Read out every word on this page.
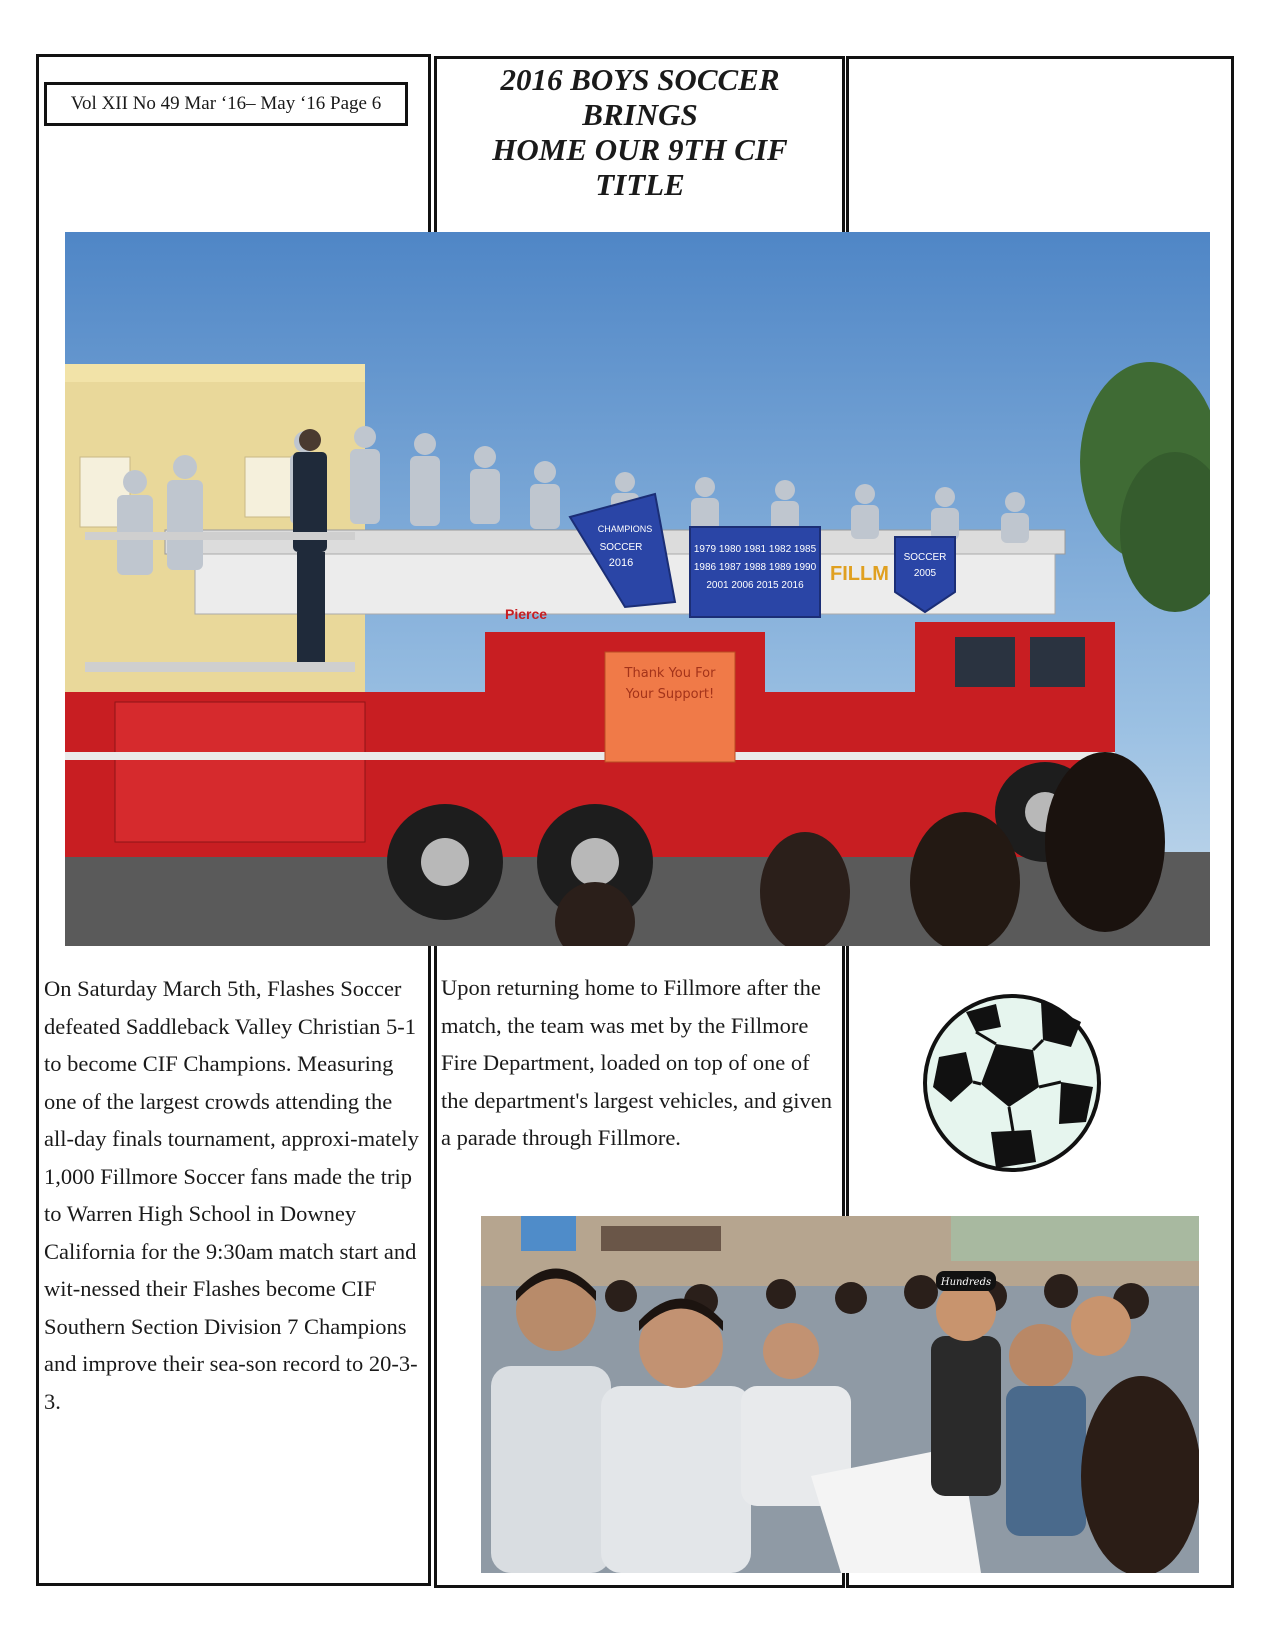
Vol XII No 49 Mar ‘16– May ‘16 Page 6
2016 BOYS SOCCER
BRINGS
HOME OUR 9TH CIF
TITLE
Pierce
CHAMPIONS
SOCCER
2016
1979 1980 1981 1982 1985
1986 1987 1988 1989 1990
2001 2006 2015 2016
FILLM
SOCCER
2005
Thank You For
Your Support!

On Saturday March 5th, Flashes Soccer defeated Saddleback Valley Christian 5-1 to become CIF Champions. Measuring one of the largest crowds attending the all-day finals tournament, approxi-mately 1,000 Fillmore Soccer fans made the trip to Warren High School in Downey California for the 9:30am match start and wit-nessed their Flashes become CIF Southern Section Division 7 Champions and improve their sea-son record to 20-3-3.

Upon returning home to Fillmore after the match, the team was met by the Fillmore Fire Department, loaded on top of one of the department's largest vehicles, and given a parade through Fillmore.

Hundreds
